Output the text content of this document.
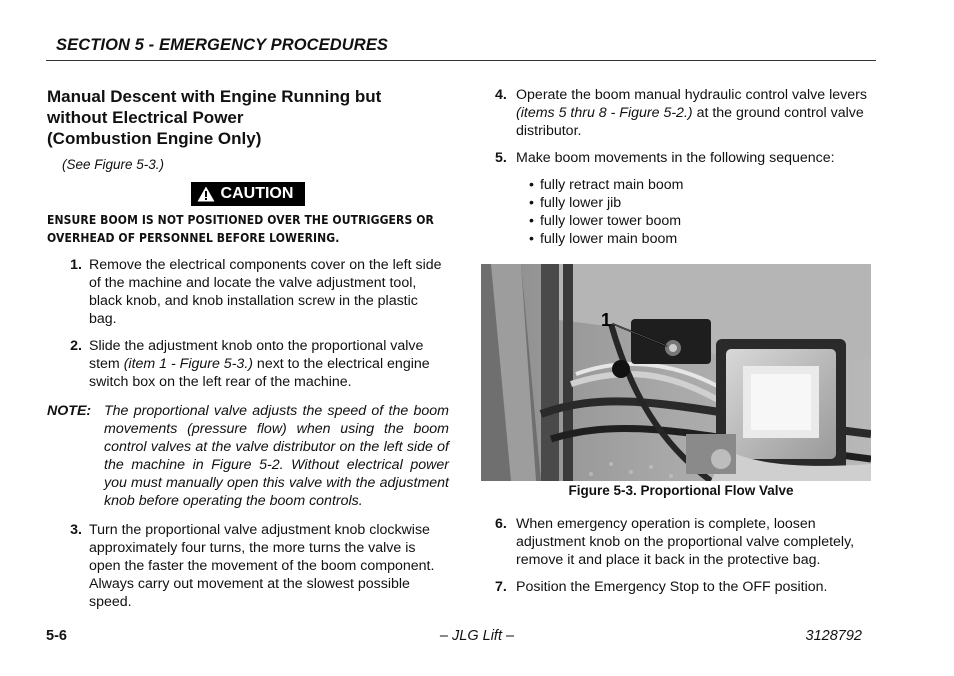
SECTION 5 - EMERGENCY PROCEDURES
Manual Descent with Engine Running but
without Electrical Power
(Combustion Engine Only)
(See Figure 5-3.)
CAUTION
ENSURE BOOM IS NOT POSITIONED OVER THE OUTRIGGERS OR OVERHEAD OF PERSONNEL BEFORE LOWERING.
1. Remove the electrical components cover on the left side of the machine and locate the valve adjustment tool, black knob, and knob installation screw in the plastic bag.
2. Slide the adjustment knob onto the proportional valve stem (item 1 - Figure 5-3.) next to the electrical engine switch box on the left rear of the machine.
NOTE: The proportional valve adjusts the speed of the boom movements (pressure flow) when using the boom control valves at the valve distributor on the left side of the machine in Figure 5-2. Without electrical power you must manually open this valve with the adjustment knob before operating the boom controls.
3. Turn the proportional valve adjustment knob clockwise approximately four turns, the more turns the valve is open the faster the movement of the boom component. Always carry out movement at the slowest possible speed.
4. Operate the boom manual hydraulic control valve levers (items 5 thru 8 - Figure 5-2.) at the ground control valve distributor.
5. Make boom movements in the following sequence:
• fully retract main boom
• fully lower jib
• fully lower tower boom
• fully lower main boom
1
Figure 5-3. Proportional Flow Valve
6. When emergency operation is complete, loosen adjustment knob on the proportional valve completely, remove it and place it back in the protective bag.
7. Position the Emergency Stop to the OFF position.
5-6	– JLG Lift –	3128792
